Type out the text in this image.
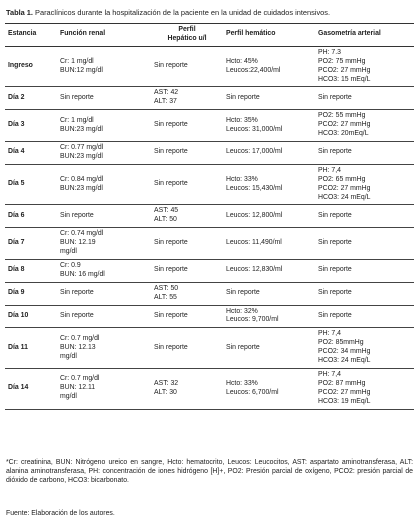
Tabla 1. Paraclínicos durante la hospitalización de la paciente en la unidad de cuidados intensivos.
Estancia	Función renal	Perfil
Hepático u/l	Perfil hemático	Gasometría arterial
Ingreso	Cr: 1 mg/dl
BUN:12 mg/dl	Sin reporte	Hcto: 45%
Leucos:22,400/ml	PH: 7.3
PO2: 75 mmHg
PCO2: 27 mmHg
HCO3: 15 mEq/L

Día 2	Sin reporte	AST: 42
ALT: 37	Sin reporte	Sin reporte

Día 3	Cr: 1 mg/dl
BUN:23 mg/dl	Sin reporte	Hcto: 35%
Leucos: 31,000/ml	PO2: 55 mmHg
PCO2: 27 mmHg
HCO3: 20mEq/L

Día 4	Cr: 0.77 mg/dl
BUN:23 mg/dl	Sin reporte	Leucos: 17,000/ml	Sin reporte

Día 5	Cr: 0.84 mg/dl
BUN:23 mg/dl	Sin reporte	Hcto: 33%
Leucos: 15,430/ml	PH: 7,4
PO2: 65 mmHg
PCO2: 27 mmHg
HCO3: 24 mEq/L

Día 6	Sin reporte	AST: 45
ALT: 50	Leucos: 12,800/ml	Sin reporte

Día 7	Cr: 0.74 mg/dl
BUN: 12.19
mg/dl	Sin reporte	Leucos: 11,490/ml	Sin reporte

Día 8	Cr: 0.9
BUN: 16 mg/dl	Sin reporte	Leucos: 12,830/ml	Sin reporte

Día 9	Sin reporte	AST: 50
ALT: 55	Sin reporte	Sin reporte

Día 10	Sin reporte	Sin reporte	Hcto: 32%
Leucos: 9,700/ml	Sin reporte

Día 11	Cr: 0.7 mg/dl
BUN: 12.13
mg/dl	Sin reporte	Sin reporte	PH: 7,4
PO2: 85mmHg
PCO2: 34 mmHg
HCO3: 24 mEq/L

Día 14	Cr: 0.7 mg/dl
BUN: 12.11
mg/dl	AST: 32
ALT: 30	Hcto: 33%
Leucos: 6,700/ml	PH: 7,4
PO2: 87 mmHg
PCO2: 27 mmHg
HCO3: 19 mEq/L
*Cr: creatinina, BUN: Nitrógeno ureico en sangre, Hcto: hematocrito, Leucos: Leucocitos, AST: aspartato aminotransferasa, ALT: alanina aminotransferasa, PH: concentración de iones hidrógeno [H]+, PO2: Presión parcial de oxígeno, PCO2: presión parcial de dióxido de carbono, HCO3: bicarbonato.
Fuente: Elaboración de los autores.
